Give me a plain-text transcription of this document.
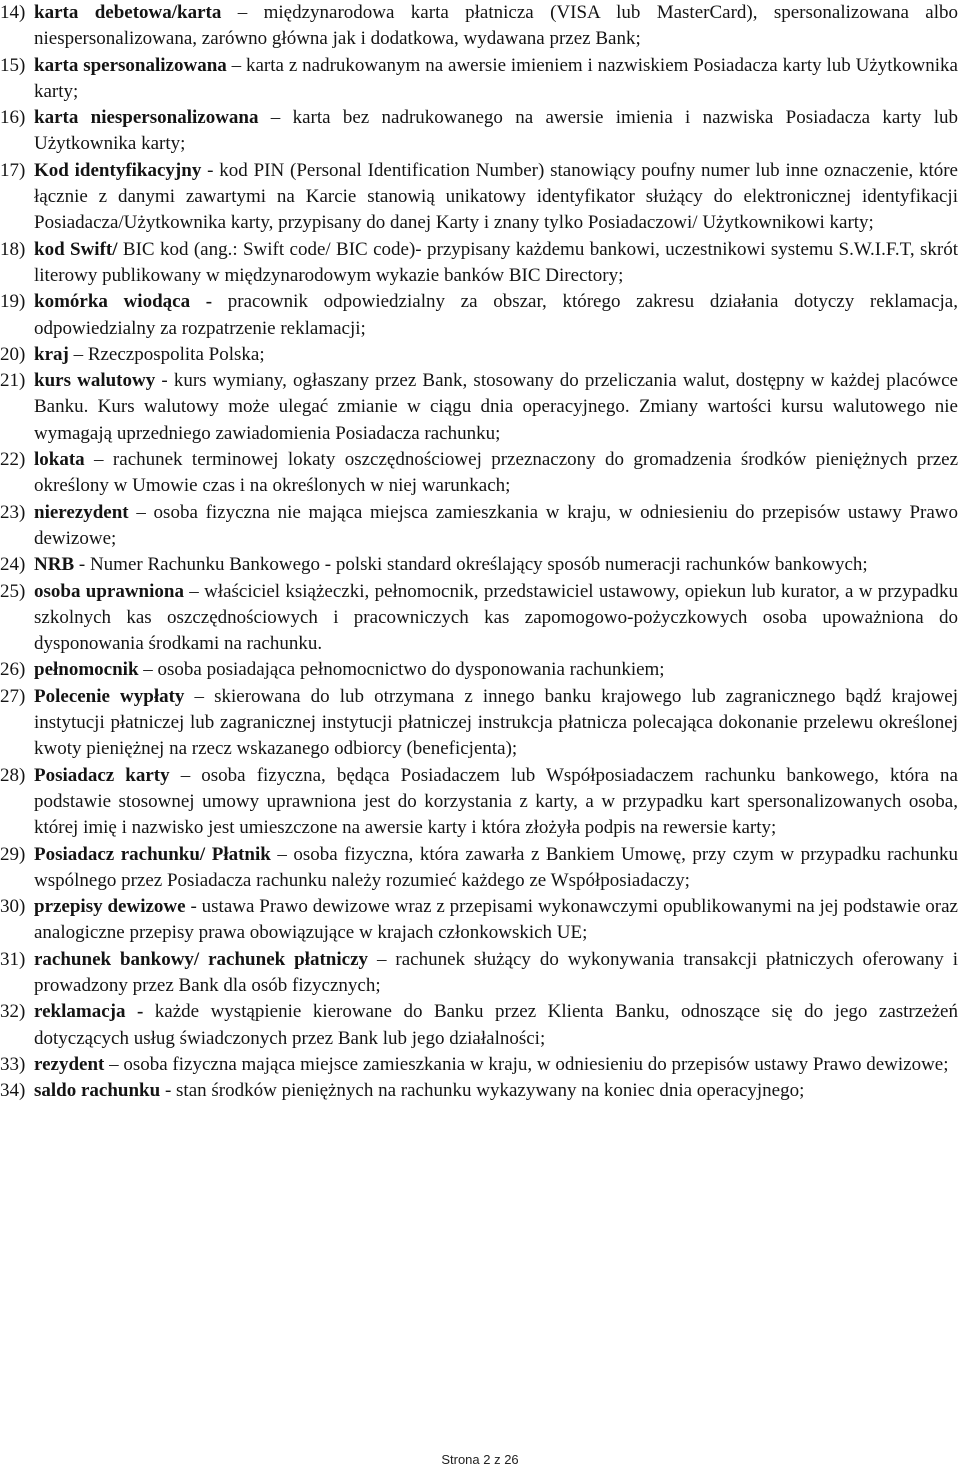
14) karta debetowa/karta – międzynarodowa karta płatnicza (VISA lub MasterCard), spersonalizowana albo niespersonalizowana, zarówno główna jak i dodatkowa, wydawana przez Bank;
15) karta spersonalizowana – karta z nadrukowanym na awersie imieniem i nazwiskiem Posiadacza karty lub Użytkownika karty;
16) karta niespersonalizowana – karta bez nadrukowanego na awersie imienia i nazwiska Posiadacza karty lub Użytkownika karty;
17) Kod identyfikacyjny - kod PIN (Personal Identification Number) stanowiący poufny numer lub inne oznaczenie, które łącznie z danymi zawartymi na Karcie stanowią unikatowy identyfikator służący do elektronicznej identyfikacji Posiadacza/Użytkownika karty, przypisany do danej Karty i znany tylko Posiadaczowi/ Użytkownikowi karty;
18) kod Swift/ BIC kod (ang.: Swift code/ BIC code)- przypisany każdemu bankowi, uczestnikowi systemu S.W.I.F.T, skrót literowy publikowany w międzynarodowym wykazie banków BIC Directory;
19) komórka wiodąca - pracownik odpowiedzialny za obszar, którego zakresu działania dotyczy reklamacja, odpowiedzialny za rozpatrzenie reklamacji;
20) kraj – Rzeczpospolita Polska;
21) kurs walutowy - kurs wymiany, ogłaszany przez Bank, stosowany do przeliczania walut, dostępny w każdej placówce Banku. Kurs walutowy może ulegać zmianie w ciągu dnia operacyjnego. Zmiany wartości kursu walutowego nie wymagają uprzedniego zawiadomienia Posiadacza rachunku;
22) lokata – rachunek terminowej lokaty oszczędnościowej przeznaczony do gromadzenia środków pieniężnych przez określony w Umowie czas i na określonych w niej warunkach;
23) nierezydent – osoba fizyczna nie mająca miejsca zamieszkania w kraju, w odniesieniu do przepisów ustawy Prawo dewizowe;
24) NRB - Numer Rachunku Bankowego - polski standard określający sposób numeracji rachunków bankowych;
25) osoba uprawniona – właściciel książeczki, pełnomocnik, przedstawiciel ustawowy, opiekun lub kurator, a w przypadku szkolnych kas oszczędnościowych i pracowniczych kas zapomogowo-pożyczkowych osoba upoważniona do dysponowania środkami na rachunku.
26) pełnomocnik – osoba posiadająca pełnomocnictwo do dysponowania rachunkiem;
27) Polecenie wypłaty – skierowana do lub otrzymana z innego banku krajowego lub zagranicznego bądź krajowej instytucji płatniczej lub zagranicznej instytucji płatniczej instrukcja płatnicza polecająca dokonanie przelewu określonej kwoty pieniężnej na rzecz wskazanego odbiorcy (beneficjenta);
28) Posiadacz karty – osoba fizyczna, będąca Posiadaczem lub Współposiadaczem rachunku bankowego, która na podstawie stosownej umowy uprawniona jest do korzystania z karty, a w przypadku kart spersonalizowanych osoba, której imię i nazwisko jest umieszczone na awersie karty i która złożyła podpis na rewersie karty;
29) Posiadacz rachunku/ Płatnik – osoba fizyczna, która zawarła z Bankiem Umowę, przy czym w przypadku rachunku wspólnego przez Posiadacza rachunku należy rozumieć każdego ze Współposiadaczy;
30) przepisy dewizowe - ustawa Prawo dewizowe wraz z przepisami wykonawczymi opublikowanymi na jej podstawie oraz analogiczne przepisy prawa obowiązujące w krajach członkowskich UE;
31) rachunek bankowy/ rachunek płatniczy – rachunek służący do wykonywania transakcji płatniczych oferowany i prowadzony przez Bank dla osób fizycznych;
32) reklamacja - każde wystąpienie kierowane do Banku przez Klienta Banku, odnoszące się do jego zastrzeżeń dotyczących usług świadczonych przez Bank lub jego działalności;
33) rezydent – osoba fizyczna mająca miejsce zamieszkania w kraju, w odniesieniu do przepisów ustawy Prawo dewizowe;
34) saldo rachunku - stan środków pieniężnych na rachunku wykazywany na koniec dnia operacyjnego;
Strona 2 z 26
